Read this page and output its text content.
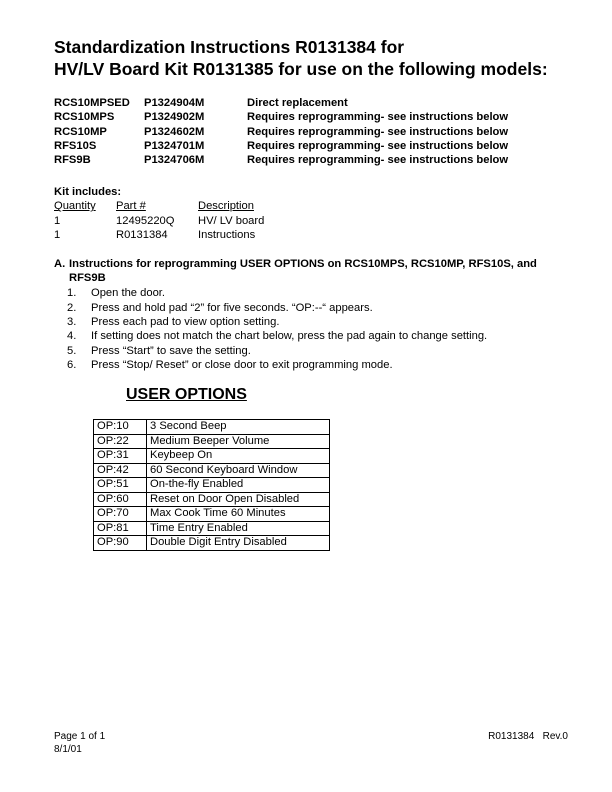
Standardization Instructions R0131384 for
HV/LV Board Kit R0131385 for use on the following models:
RCS10MPSED	P1324904M	Direct replacement
RCS10MPS	P1324902M	Requires reprogramming- see instructions below
RCS10MP	P1324602M	Requires reprogramming- see instructions below
RFS10S	P1324701M	Requires reprogramming- see instructions below
RFS9B	P1324706M	Requires reprogramming- see instructions below
Kit includes:
Quantity	Part #	Description
1	12495220Q	HV/ LV board
1	R0131384	Instructions
A. Instructions for reprogramming USER OPTIONS on RCS10MPS, RCS10MP, RFS10S, and RFS9B
1.	Open the door.
2.	Press and hold pad “2” for five seconds. “OP:--“ appears.
3.	Press each pad to view option setting.
4.	If setting does not match the chart below, press the pad again to change setting.
5.	Press “Start” to save the setting.
6.	Press “Stop/ Reset” or close door to exit programming mode.
USER OPTIONS
OP:10	3 Second Beep
OP:22	Medium Beeper Volume
OP:31	Keybeep On
OP:42	60 Second Keyboard Window
OP:51	On-the-fly Enabled
OP:60	Reset on Door Open Disabled
OP:70	Max Cook Time 60 Minutes
OP:81	Time Entry Enabled
OP:90	Double Digit Entry Disabled
Page 1 of 1
8/1/01
R0131384   Rev.0
